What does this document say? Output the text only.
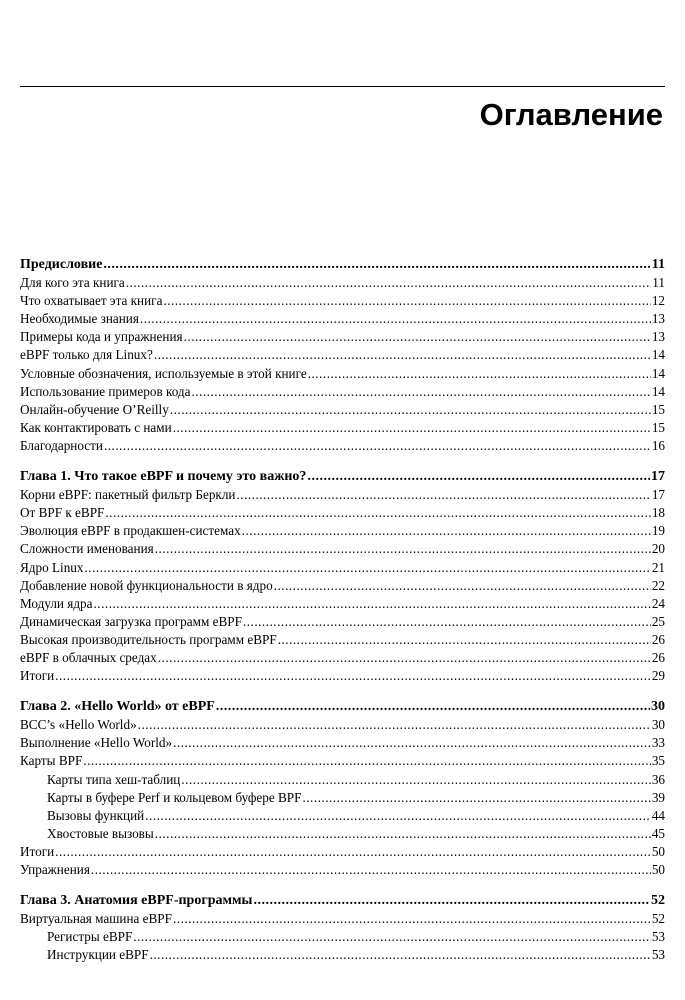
Оглавление
Предисловие .....	11
Для кого эта книга .....	11
Что охватывает эта книга .....	12
Необходимые знания .....	13
Примеры кода и упражнения .....	13
eBPF только для Linux? .....	14
Условные обозначения, используемые в этой книге .....	14
Использование примеров кода .....	14
Онлайн-обучение O’Reilly .....	15
Как контактировать с нами .....	15
Благодарности .....	16
Глава 1. Что такое eBPF и почему это важно? .....	17
Корни eBPF: пакетный фильтр Беркли .....	17
От BPF к eBPF .....	18
Эволюция eBPF в продакшен-системах .....	19
Сложности именования .....	20
Ядро Linux .....	21
Добавление новой функциональности в ядро .....	22
Модули ядра .....	24
Динамическая загрузка программ eBPF .....	25
Высокая производительность программ eBPF .....	26
eBPF в облачных средах .....	26
Итоги .....	29
Глава 2. «Hello World» от eBPF .....	30
BCC’s «Hello World» .....	30
Выполнение «Hello World» .....	33
Карты BPF .....	35
Карты типа хеш-таблиц .....	36
Карты в буфере Perf и кольцевом буфере BPF .....	39
Вызовы функций .....	44
Хвостовые вызовы .....	45
Итоги .....	50
Упражнения .....	50
Глава 3. Анатомия eBPF-программы .....	52
Виртуальная машина eBPF .....	52
Регистры eBPF .....	53
Инструкции eBPF .....	53
